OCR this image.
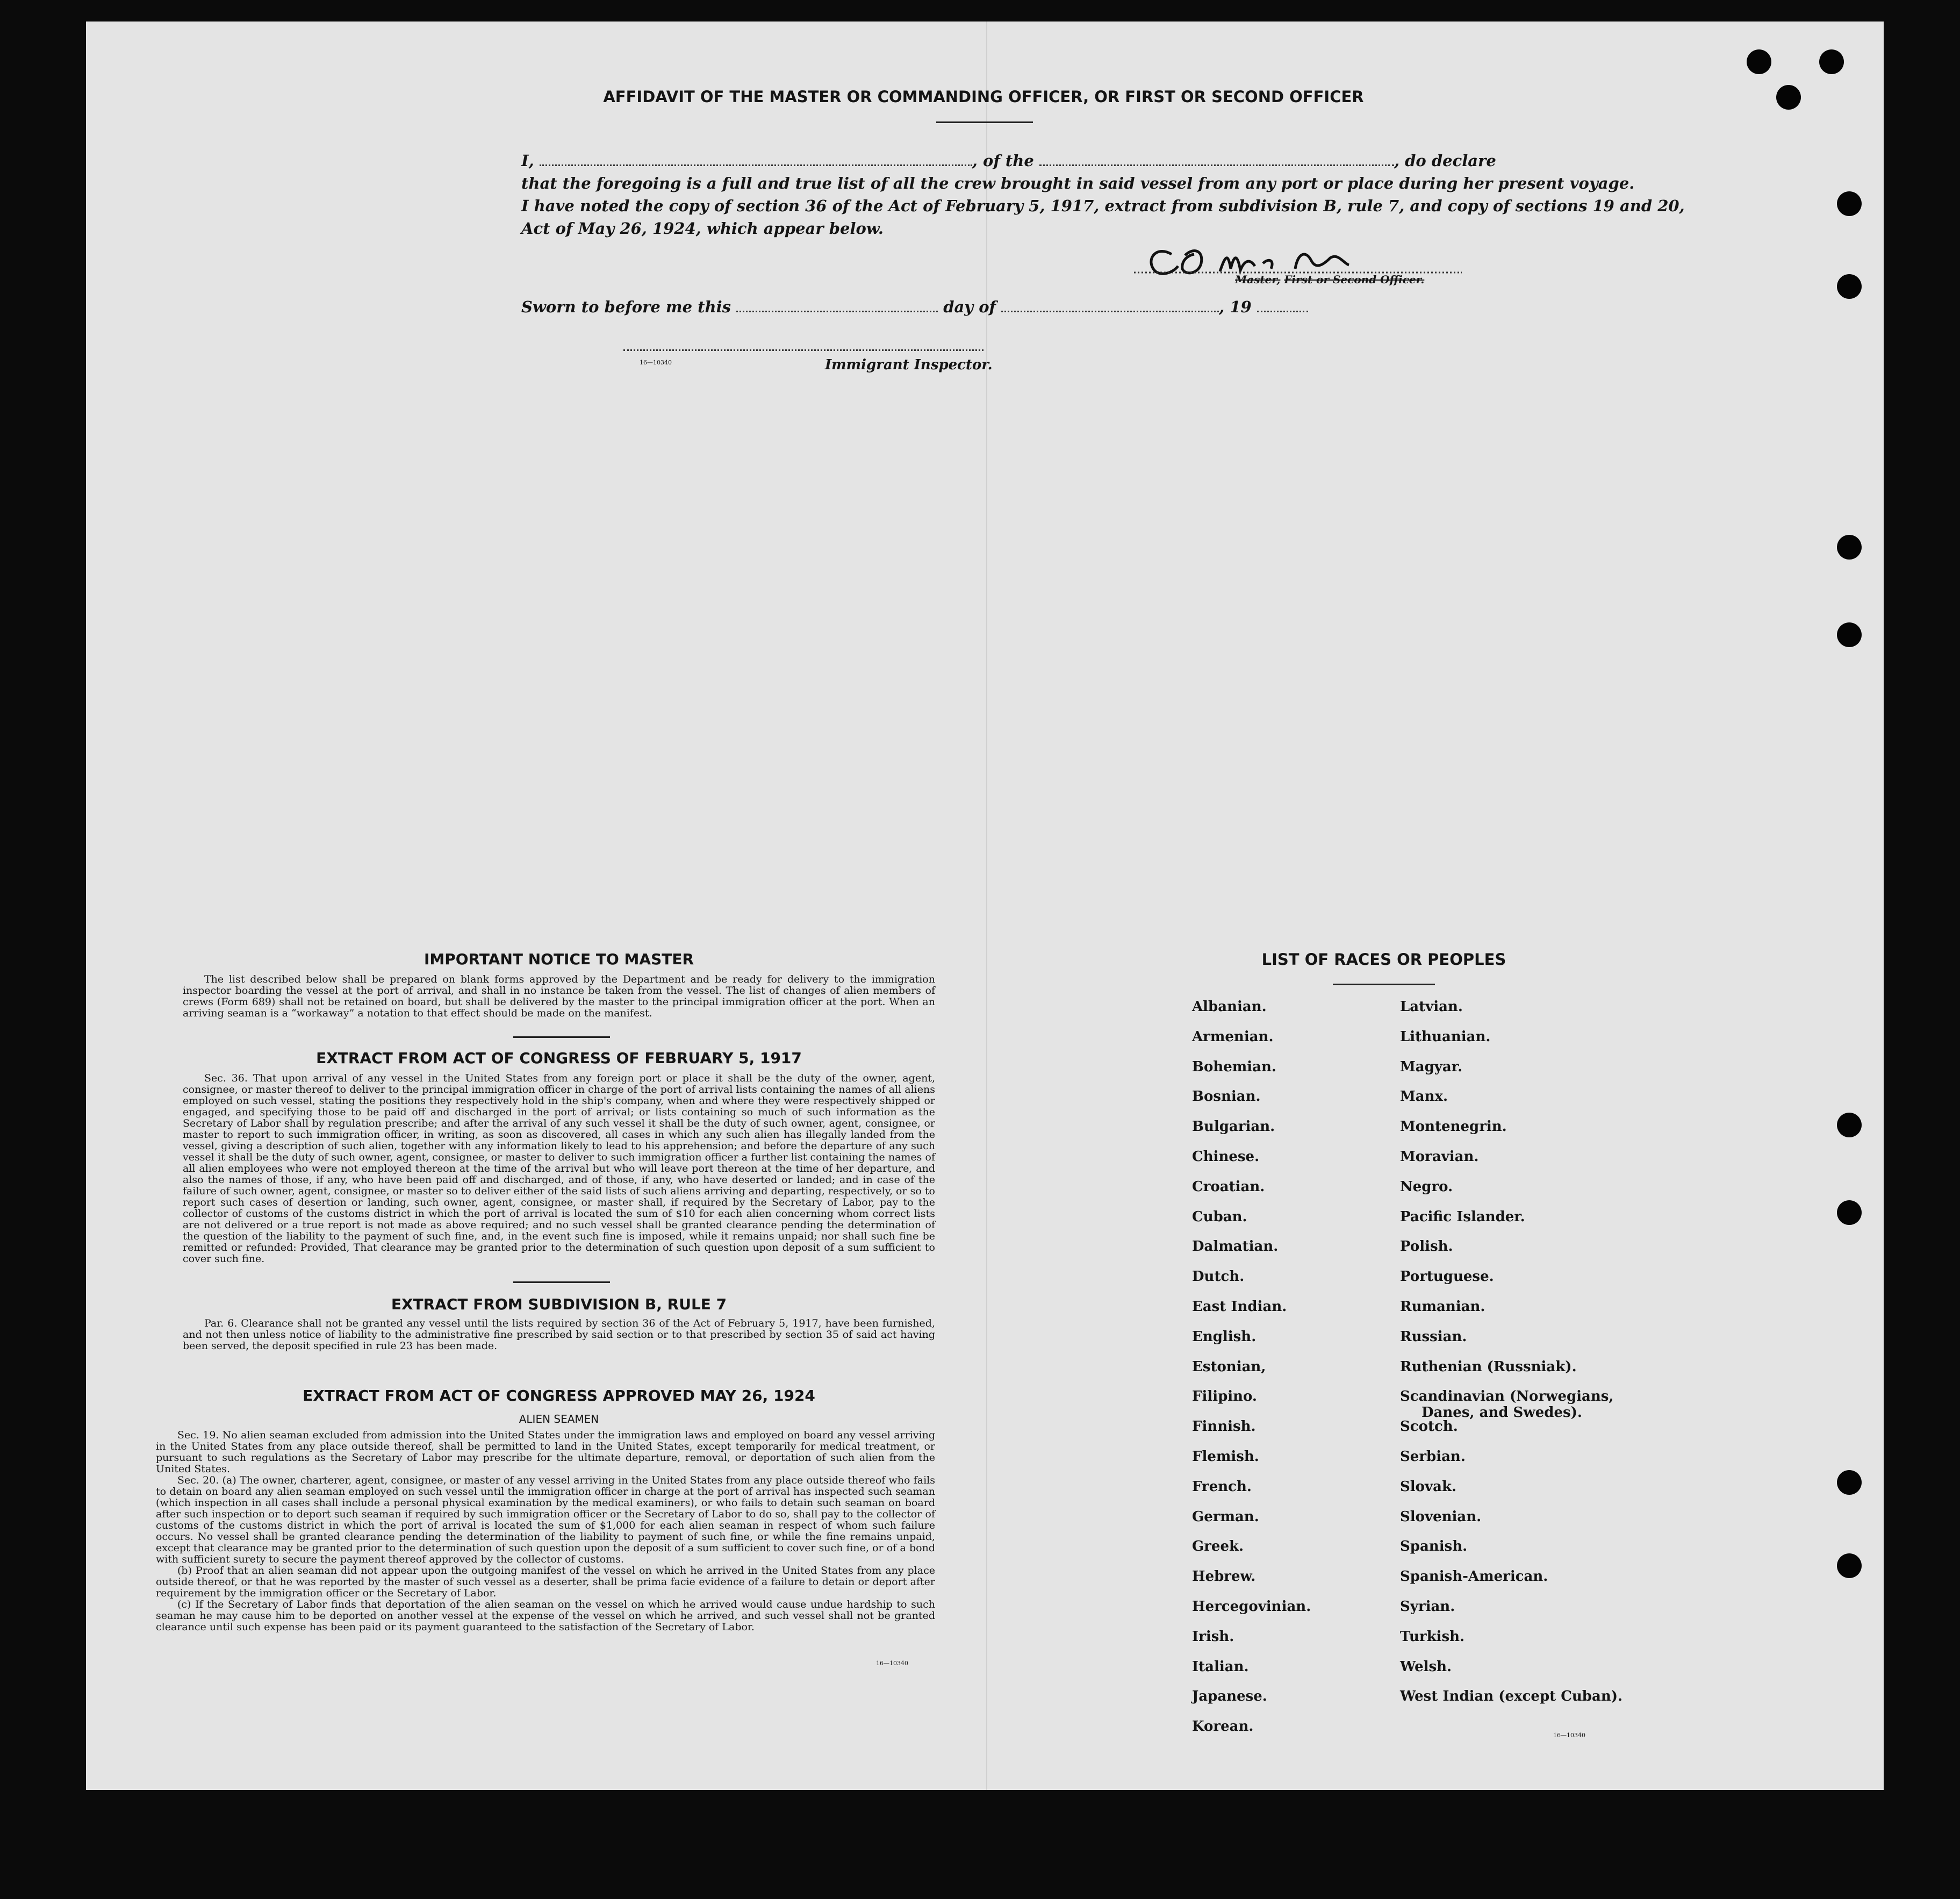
AFFIDAVIT OF THE MASTER OR COMMANDING OFFICER, OR FIRST OR SECOND OFFICER
I,	, of the	, do declare
that the foregoing is a full and true list of all the crew brought in said vessel from any port or place during her present voyage.
I have noted the copy of section 36 of the Act of February 5, 1917, extract from subdivision B, rule 7, and copy of sections 19 and 20,
Act of May 26, 1924, which appear below.
Master, First or Second Officer.
Sworn to before me this	day of	, 19
16—10340	Immigrant Inspector.
IMPORTANT NOTICE TO MASTER

The list described below shall be prepared on blank forms approved by the Department and be ready for delivery to the immigration inspector boarding the vessel at the port of arrival, and shall in no instance be taken from the vessel. The list of changes of alien members of crews (Form 689) shall not be retained on board, but shall be delivered by the master to the principal immigration officer at the port. When an arriving seaman is a “workaway” a notation to that effect should be made on the manifest.

EXTRACT FROM ACT OF CONGRESS OF FEBRUARY 5, 1917

Sec. 36. That upon arrival of any vessel in the United States from any foreign port or place it shall be the duty of the owner, agent, consignee, or master thereof to deliver to the principal immigration officer in charge of the port of arrival lists containing the names of all aliens employed on such vessel, stating the positions they respectively hold in the ship's company, when and where they were respectively shipped or engaged, and specifying those to be paid off and discharged in the port of arrival; or lists containing so much of such information as the Secretary of Labor shall by regulation prescribe; and after the arrival of any such vessel it shall be the duty of such owner, agent, consignee, or master to report to such immigration officer, in writing, as soon as discovered, all cases in which any such alien has illegally landed from the vessel, giving a description of such alien, together with any information likely to lead to his apprehension; and before the departure of any such vessel it shall be the duty of such owner, agent, consignee, or master to deliver to such immigration officer a further list containing the names of all alien employees who were not employed thereon at the time of the arrival but who will leave port thereon at the time of her departure, and also the names of those, if any, who have been paid off and discharged, and of those, if any, who have deserted or landed; and in case of the failure of such owner, agent, consignee, or master so to deliver either of the said lists of such aliens arriving and departing, respectively, or so to report such cases of desertion or landing, such owner, agent, consignee, or master shall, if required by the Secretary of Labor, pay to the collector of customs of the customs district in which the port of arrival is located the sum of $10 for each alien concerning whom correct lists are not delivered or a true report is not made as above required; and no such vessel shall be granted clearance pending the determination of the question of the liability to the payment of such fine, and, in the event such fine is imposed, while it remains unpaid; nor shall such fine be remitted or refunded: Provided, That clearance may be granted prior to the determination of such question upon deposit of a sum sufficient to cover such fine.

EXTRACT FROM SUBDIVISION B, RULE 7

Par. 6. Clearance shall not be granted any vessel until the lists required by section 36 of the Act of February 5, 1917, have been furnished, and not then unless notice of liability to the administrative fine prescribed by said section or to that prescribed by section 35 of said act having been served, the deposit specified in rule 23 has been made.

EXTRACT FROM ACT OF CONGRESS APPROVED MAY 26, 1924
ALIEN SEAMEN

Sec. 19. No alien seaman excluded from admission into the United States under the immigration laws and employed on board any vessel arriving in the United States from any place outside thereof, shall be permitted to land in the United States, except temporarily for medical treatment, or pursuant to such regulations as the Secretary of Labor may prescribe for the ultimate departure, removal, or deportation of such alien from the United States.

Sec. 20. (a) The owner, charterer, agent, consignee, or master of any vessel arriving in the United States from any place outside thereof who fails to detain on board any alien seaman employed on such vessel until the immigration officer in charge at the port of arrival has inspected such seaman (which inspection in all cases shall include a personal physical examination by the medical examiners), or who fails to detain such seaman on board after such inspection or to deport such seaman if required by such immigration officer or the Secretary of Labor to do so, shall pay to the collector of customs of the customs district in which the port of arrival is located the sum of $1,000 for each alien seaman in respect of whom such failure occurs. No vessel shall be granted clearance pending the determination of the liability to payment of such fine, or while the fine remains unpaid, except that clearance may be granted prior to the determination of such question upon the deposit of a sum sufficient to cover such fine, or of a bond with sufficient surety to secure the payment thereof approved by the collector of customs.

(b) Proof that an alien seaman did not appear upon the outgoing manifest of the vessel on which he arrived in the United States from any place outside thereof, or that he was reported by the master of such vessel as a deserter, shall be prima facie evidence of a failure to detain or deport after requirement by the immigration officer or the Secretary of Labor.

(c) If the Secretary of Labor finds that deportation of the alien seaman on the vessel on which he arrived would cause undue hardship to such seaman he may cause him to be deported on another vessel at the expense of the vessel on which he arrived, and such vessel shall not be granted clearance until such expense has been paid or its payment guaranteed to the satisfaction of the Secretary of Labor.

16—10340
LIST OF RACES OR PEOPLES
Albanian.
Armenian.
Bohemian.
Bosnian.
Bulgarian.
Chinese.
Croatian.
Cuban.
Dalmatian.
Dutch.
East Indian.
English.
Estonian,
Filipino.
Finnish.
Flemish.
French.
German.
Greek.
Hebrew.
Hercegovinian.
Irish.
Italian.
Japanese.
Korean.
Latvian.
Lithuanian.
Magyar.
Manx.
Montenegrin.
Moravian.
Negro.
Pacific Islander.
Polish.
Portuguese.
Rumanian.
Russian.
Ruthenian (Russniak).
Scandinavian (Norwegians,
Danes, and Swedes).
Scotch.
Serbian.
Slovak.
Slovenian.
Spanish.
Spanish-American.
Syrian.
Turkish.
Welsh.
West Indian (except Cuban).
16—10340
